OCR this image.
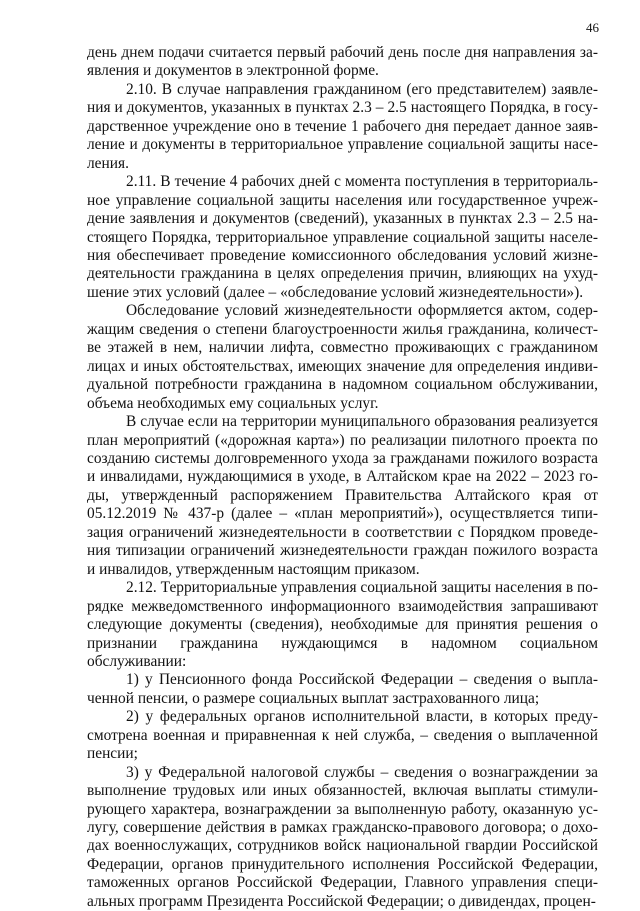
46

день днем подачи считается первый рабочий день после дня направления заявления и документов в электронной форме.

2.10. В случае направления гражданином (его представителем) заявления и документов, указанных в пунктах 2.3 – 2.5 настоящего Порядка, в государственное учреждение оно в течение 1 рабочего дня передает данное заявление и документы в территориальное управление социальной защиты населения.

2.11. В течение 4 рабочих дней с момента поступления в территориальное управление социальной защиты населения или государственное учреждение заявления и документов (сведений), указанных в пунктах 2.3 – 2.5 настоящего Порядка, территориальное управление социальной защиты населения обеспечивает проведение комиссионного обследования условий жизнедеятельности гражданина в целях определения причин, влияющих на ухудшение этих условий (далее – «обследование условий жизнедеятельности»).

Обследование условий жизнедеятельности оформляется актом, содержащим сведения о степени благоустроенности жилья гражданина, количестве этажей в нем, наличии лифта, совместно проживающих с гражданином лицах и иных обстоятельствах, имеющих значение для определения индивидуальной потребности гражданина в надомном социальном обслуживании, объема необходимых ему социальных услуг.

В случае если на территории муниципального образования реализуется план мероприятий («дорожная карта») по реализации пилотного проекта по созданию системы долговременного ухода за гражданами пожилого возраста и инвалидами, нуждающимися в уходе, в Алтайском крае на 2022 – 2023 годы, утвержденный распоряжением Правительства Алтайского края от 05.12.2019 № 437-р (далее – «план мероприятий»), осуществляется типизация ограничений жизнедеятельности в соответствии с Порядком проведения типизации ограничений жизнедеятельности граждан пожилого возраста и инвалидов, утвержденным настоящим приказом.

2.12. Территориальные управления социальной защиты населения в порядке межведомственного информационного взаимодействия запрашивают следующие документы (сведения), необходимые для принятия решения о признании гражданина нуждающимся в надомном социальном обслуживании:

1) у Пенсионного фонда Российской Федерации – сведения о выплаченной пенсии, о размере социальных выплат застрахованного лица;

2) у федеральных органов исполнительной власти, в которых предусмотрена военная и приравненная к ней служба, – сведения о выплаченной пенсии;

3) у Федеральной налоговой службы – сведения о вознаграждении за выполнение трудовых или иных обязанностей, включая выплаты стимулирующего характера, вознаграждении за выполненную работу, оказанную услугу, совершение действия в рамках гражданско-правового договора; о доходах военнослужащих, сотрудников войск национальной гвардии Российской Федерации, органов принудительного исполнения Российской Федерации, таможенных органов Российской Федерации, Главного управления специальных программ Президента Российской Федерации; о дивидендах, процен-
